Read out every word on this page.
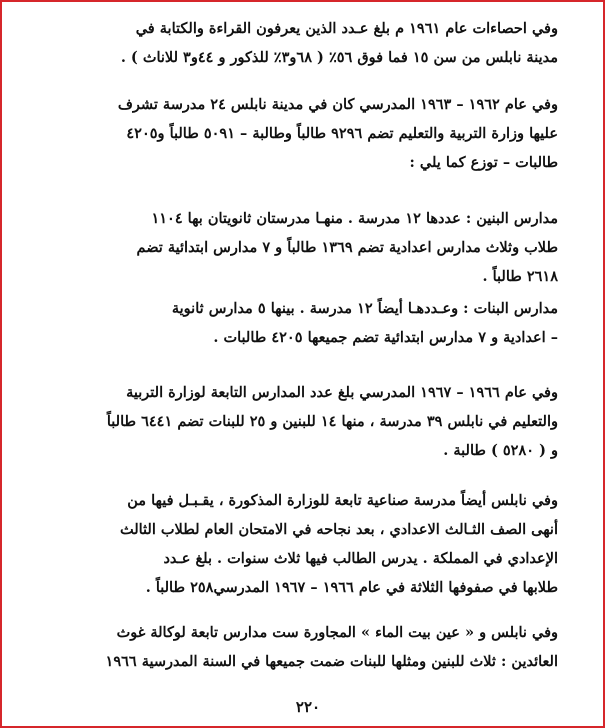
وفي احصاءات عام ١٩٦١ م بلغ عـدد الذين يعرفون القراءة والكتابة في
مدينة نابلس من سن ١٥ فما فوق ٥٦٪ ( ٦٨و٣٪ للذكور و ٤٤و٣ للاناث ) .
وفي عام ١٩٦٢ – ١٩٦٣ المدرسي كان في مدينة نابلس ٢٤ مدرسة تشرف
عليها وزارة التربية والتعليم تضم ٩٢٩٦ طالباً وطالبة – ٥٠٩١ طالباً و٤٢٠٥
طالبات – توزع كما يلي :
مدارس البنين : عددها ١٢ مدرسة . منهـا مدرستان ثانويتان بها ١١٠٤
طلاب وثلاث مدارس اعدادية تضم ١٣٦٩ طالباً و ٧ مدارس ابتدائية تضم
٢٦١٨ طالباً .
مدارس البنات : وعـددهـا أيضاً ١٢ مدرسة . بينها ٥ مدارس ثانوية
– اعدادية و ٧ مدارس ابتدائية تضم جميعها ٤٢٠٥ طالبات .
وفي عام ١٩٦٦ – ١٩٦٧ المدرسي بلغ عدد المدارس التابعة لوزارة التربية
والتعليم في نابلس ٣٩ مدرسة ، منها ١٤ للبنين و ٢٥ للبنات تضم ٦٤٤١ طالباً
و ( ٥٢٨٠ ) طالبة .
وفي نابلس أيضاً مدرسة صناعية تابعة للوزارة المذكورة ، يقـبـل فيها من
أنهى الصف الثـالث الاعدادي ، بعد نجاحه في الامتحان العام لطلاب الثالث
الإعدادي في المملكة . يدرس الطالب فيها ثلاث سنوات . بلغ عـدد
طلابها في صفوفها الثلاثة في عام ١٩٦٦ – ١٩٦٧ المدرسي٢٥٨ طالباً .
وفي نابلس و « عين بيت الماء » المجاورة ست مدارس تابعة لوكالة غوث
العائدين : ثلاث للبنين ومثلها للبنات ضمت جميعها في السنة المدرسية ١٩٦٦
٢٢٠
